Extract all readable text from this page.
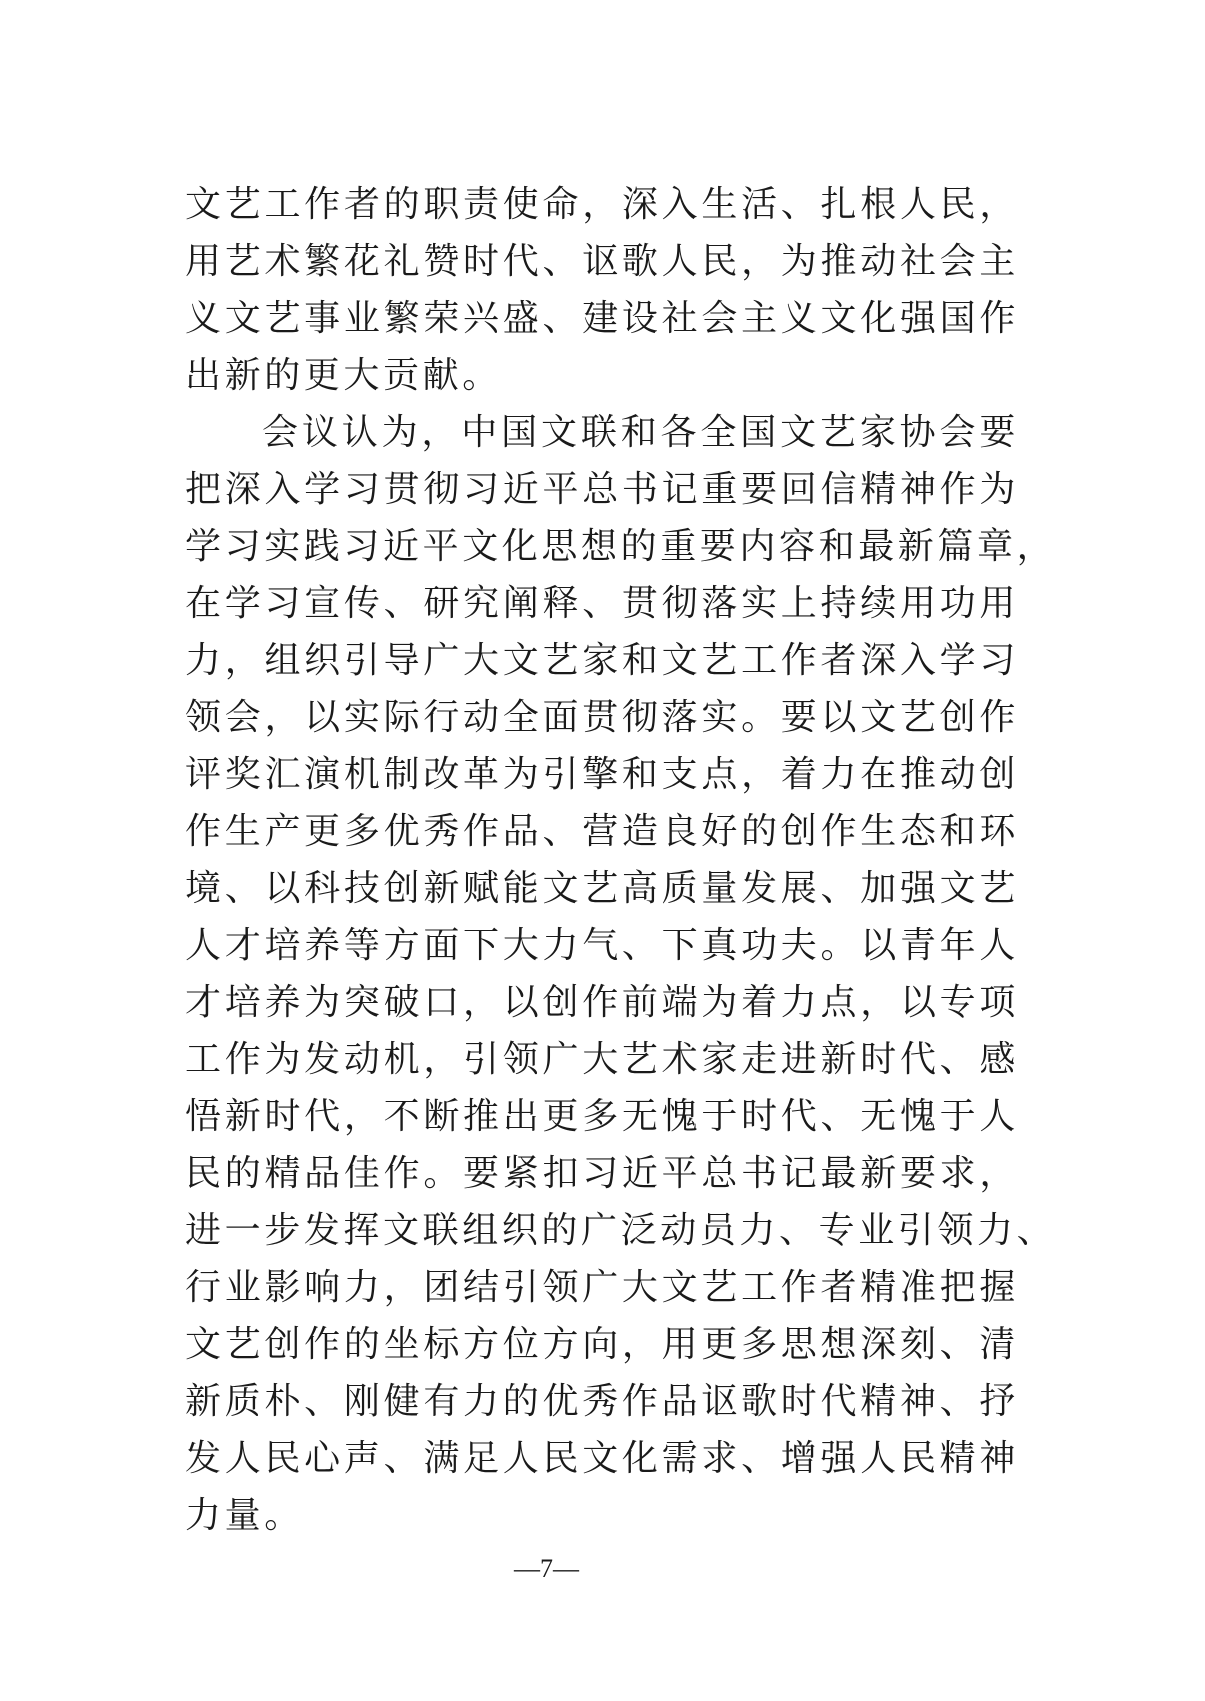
文艺工作者的职责使命，深入生活、扎根人民，
用艺术繁花礼赞时代、讴歌人民，为推动社会主
义文艺事业繁荣兴盛、建设社会主义文化强国作
出新的更大贡献。
会议认为，中国文联和各全国文艺家协会要
把深入学习贯彻习近平总书记重要回信精神作为
学习实践习近平文化思想的重要内容和最新篇章，
在学习宣传、研究阐释、贯彻落实上持续用功用
力，组织引导广大文艺家和文艺工作者深入学习
领会，以实际行动全面贯彻落实。要以文艺创作
评奖汇演机制改革为引擎和支点，着力在推动创
作生产更多优秀作品、营造良好的创作生态和环
境、以科技创新赋能文艺高质量发展、加强文艺
人才培养等方面下大力气、下真功夫。以青年人
才培养为突破口，以创作前端为着力点，以专项
工作为发动机，引领广大艺术家走进新时代、感
悟新时代，不断推出更多无愧于时代、无愧于人
民的精品佳作。要紧扣习近平总书记最新要求，
进一步发挥文联组织的广泛动员力、专业引领力、
行业影响力，团结引领广大文艺工作者精准把握
文艺创作的坐标方位方向，用更多思想深刻、清
新质朴、刚健有力的优秀作品讴歌时代精神、抒
发人民心声、满足人民文化需求、增强人民精神
力量。
—7—
